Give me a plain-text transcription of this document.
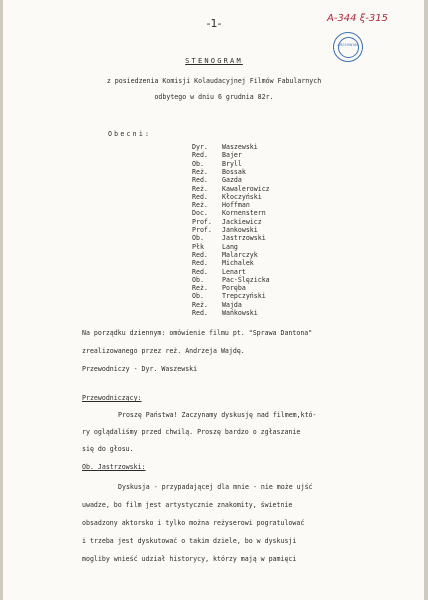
-1-	A-344 ξ-315
ARCHIWUM
STENOGRAM
z posiedzenia Komisji Kolaudacyjnej Filmów Fabularnych
odbytego w dniu 6 grudnia 82r.
Obecni:
Dyr. Waszewski
Red. Bajer
Ob.	Bryll
Reż. Bossak
Red. Gazda
Reż. Kawalerowicz
Red. Kłoczyński
Reż. Hoffman
Doc. Kornenstern
Prof. Jackiewicz
Prof. Jankowski
Ob.	Jastrzowski
Płk	Lang
Red. Malarczyk
Red. Michalek
Red. Lenart
Ob.	Pac-Ślęzicka
Reż. Poręba
Ob.	Trepczyński
Reż. Wajda
Red. Wańkowski
Na porządku dziennym: omówienie filmu pt. "Sprawa Dantona"
zrealizowanego przez reż. Andrzeja Wajdę.
Przewodniczy - Dyr. Waszewski
Przewodniczący:
Proszę Państwa! Zaczynamy dyskusję nad filmem,któ-
ry oglądaliśmy przed chwilą. Proszę bardzo o zgłaszanie
się do głosu.
Ob. Jastrzowski:
Dyskusja - przypadającej dla mnie - nie może ujść
uwadze, bo film jest artystycznie znakomity, świetnie
obsadzony aktorsko i tylko można reżyserowi pogratulować
i trzeba jest dyskutować o takim dziele, bo w dyskusji
mogliby wnieść udział historycy, którzy mają w pamięci
